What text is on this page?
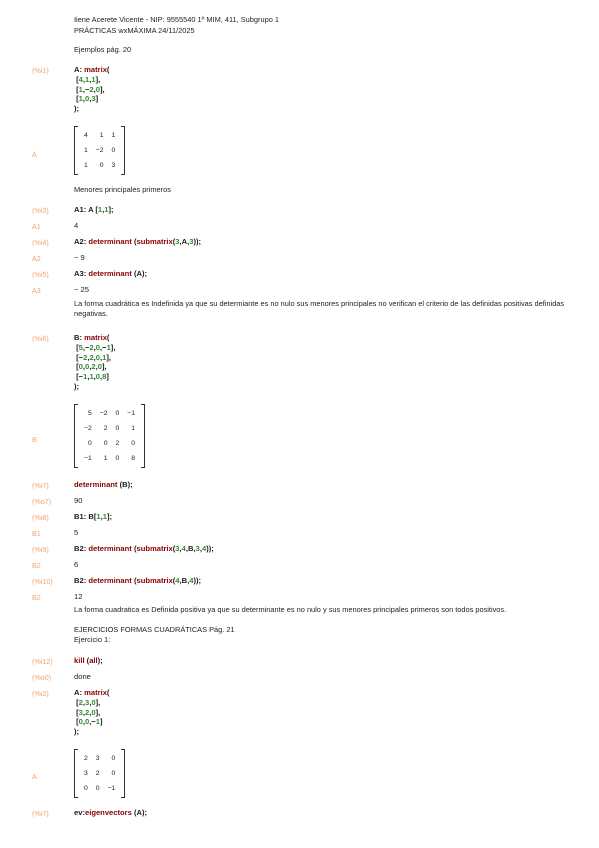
Iiene Acerete Vicente - NIP: 9555540 1º MIM, 411, Subgrupo 1
PRÁCTICAS wxMÁXIMA 24/11/2025
Ejemplos pág. 20
(%i1)	A: matrix(
[4,1,1],
[1,−2,0],
[1,0,3]
);
A
4	1	1
1	−2	0
1	0	3
Menores principales primeros
(%i3)	A1: A [1,1];
A1	4
(%i4)	A2: determinant (submatrix(3,A,3));
A2	− 9
(%i5)	A3: determinant (A);
A3	− 25
La forma cuadrática es Indefinida ya que su determiante es no nulo sus menores principales no verifican el criterio de las definidas positivas definidas negativas.
(%i6)	B: matrix(
[5,−2,0,−1],
[−2,2,0,1],
[0,0,2,0],
[−1,1,0,8]
);
B
5	−2	0	−1
−2	2	0	1
0	0	2	0
−1	1	0	8
(%i7)	determinant (B);
(%o7)	90
(%i8)	B1: B[1,1];
B1	5
(%i9)	B2: determinant (submatrix(3,4,B,3,4));
B2	6
(%i10)	B2: determinant (submatrix(4,B,4));
B2	12
La forma cuadratica es Definida positiva ya que su determinante es no nulo y sus menores principales primeros son todos positivos.
EJERCICIOS FORMAS CUADRÁTICAS Pág. 21
Ejercicio 1:
(%i12)	kill (all);
(%o0)	done
(%i2)	A: matrix(
[2,3,0],
[3,2,0],
[0,0,−1]
);
A
2	3	0
3	2	0
0	0	−1
(%i7)	ev:eigenvectors (A);
